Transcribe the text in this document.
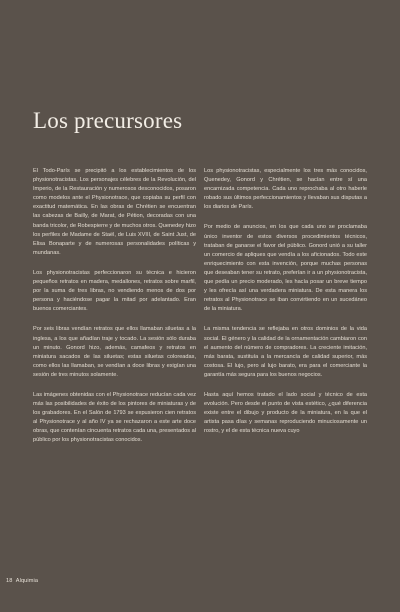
Los precursores

El Todo-París se precipitó a los establecimientos de los physionotracistas. Los personajes célebres de la Revolución, del Imperio, de la Restauración y numerosos desconocidos, posaron como modelos ante el Physionotrace, que copiaba su perfil con exactitud matemática. En las obras de Chrétien se encuentran las cabezas de Bailly, de Marat, de Pétion, decoradas con una banda tricolor, de Robespierre y de muchos otros. Quenedey hizo los perfiles de Madame de Staël, de Luis XVIII, de Saint Just, de Elisa Bonaparte y de numerosas personalidades políticas y mundanas.

Los physionotracistas perfeccionaron su técnica e hicieron pequeños retratos en madera, medallones, retratos sobre marfil, por la suma de tres libras, no vendiendo menos de dos por persona y haciéndose pagar la mitad por adelantado. Eran buenos comerciantes.

Por seis libras vendían retratos que ellos llamaban siluetas a la inglesa, a los que añadían traje y tocado. La sesión sólo duraba un minuto. Gonord hizo, además, camafeos y retratos en miniatura sacados de las siluetas; estas siluetas coloreadas, como ellos las llamaban, se vendían a doce libras y exigían una sesión de tres minutos solamente.

Las imágenes obtenidas con el Physionotrace reducían cada vez más las posibilidades de éxito de los pintores de miniaturas y de los grabadores. En el Salón de 1793 se expusieron cien retratos al Physionotrace y al año IV ya se rechazaron a este arte doce obras, que contenían cincuenta retratos cada una, presentados al público por los physionotracistas conocidos.

Los physionotracistas, especialmente los tres más conocidos, Quenedey, Gonord y Chrétien, se hacían entre sí una encarnizada competencia. Cada uno reprochaba al otro haberle robado sus últimos perfeccionamientos y llevaban sus disputas a los diarios de París.

Por medio de anuncios, en los que cada uno se proclamaba único inventor de estos diversos procedimientos técnicos, trataban de ganarse el favor del público. Gonord unió a su taller un comercio de apliques que vendía a los aficionados. Todo este enriquecimiento con esta invención, porque muchas personas que deseaban tener su retrato, preferían ir a un physionotracista, que pedía un precio moderado, les hacía posar un breve tiempo y les ofrecía así una verdadera miniatura. De esta manera los retratos al Physionotrace se iban convirtiendo en un sucedáneo de la miniatura.

La misma tendencia se reflejaba en otros dominios de la vida social. El género y la calidad de la ornamentación cambiaron con el aumento del número de compradores. La creciente imitación, más barata, sustituía a la mercancía de calidad superior, más costosa. El lujo, pero al lujo barato, era para el comerciante la garantía más segura para los buenos negocios.

Hasta aquí hemos tratado el lado social y técnico de esta evolución. Pero desde el punto de vista estético, ¿qué diferencia existe entre el dibujo y producto de la miniatura, en la que el artista pasa días y semanas reproduciendo minuciosamente un rostro, y el de esta técnica nueva cuyo

18 Alquimia
